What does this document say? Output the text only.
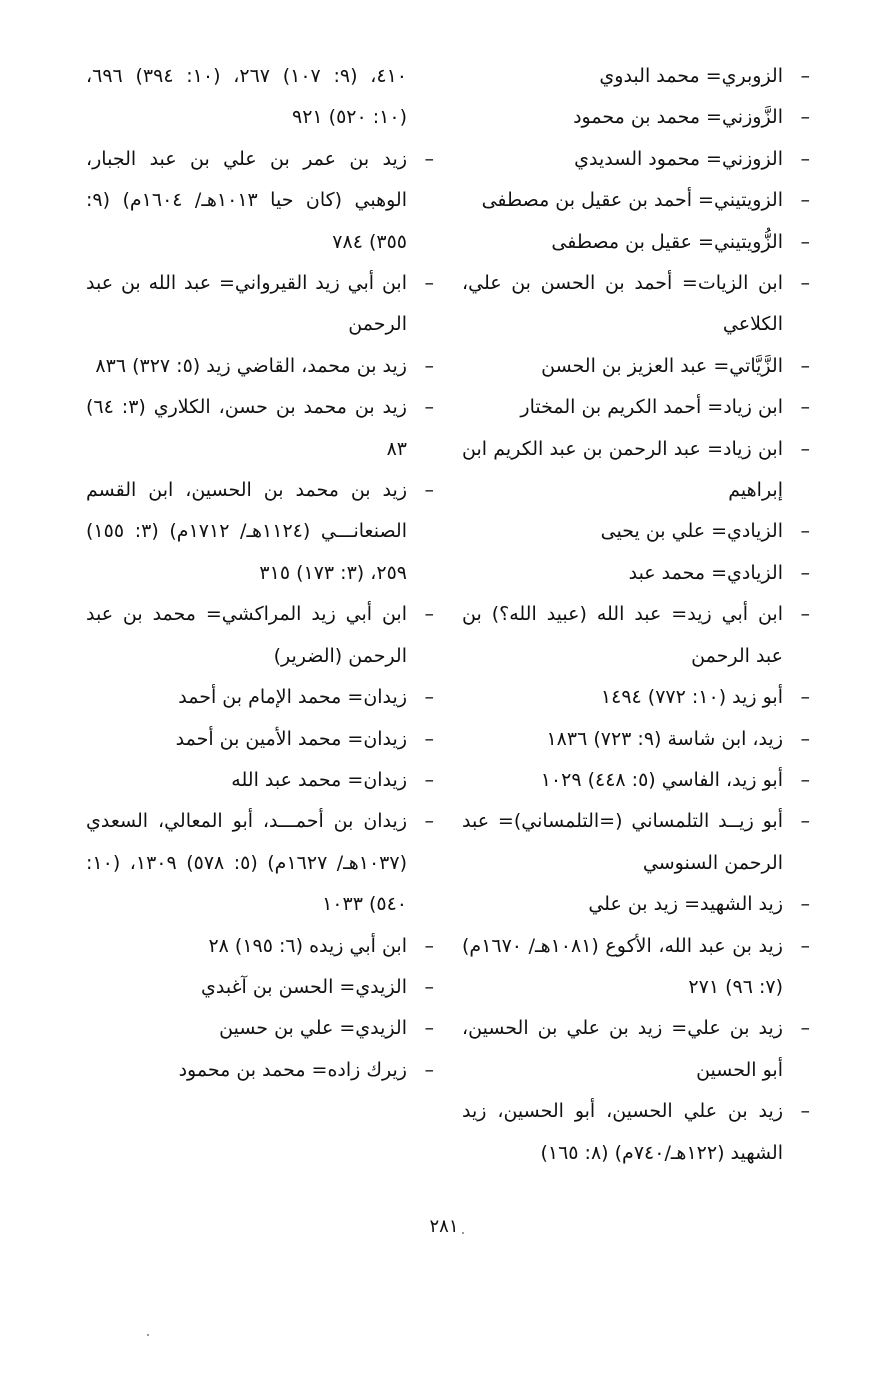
–الزوبري= محمد البدوي

–الزَّوزني= محمد بن محمود

–الزوزني= محمود السديدي

–الزويتيني= أحمد بن عقيل بن مصطفى

–الزُّويتيني= عقيل بن مصطفى

–ابن الزيات= أحمد بن الحسن بن علي، الكلاعي

–الزَّيَّاتي= عبد العزيز بن الحسن

–ابن زياد= أحمد الكريم بن المختار

–ابن زياد= عبد الرحمن بن عبد الكريم ابن إبراهيم

–الزيادي= علي بن يحيى

–الزيادي= محمد عبد

–ابن أبي زيد= عبد الله (عبيد الله؟) بن عبد الرحمن

–أبو زيد (١٠: ٧٧٢) ١٤٩٤

–زيد، ابن شاسة (٩: ٧٢٣) ١٨٣٦

–أبو زيد، الفاسي (٥: ٤٤٨) ١٠٢٩

–أبو زيــد التلمساني (=التلمساني)= عبد الرحمن السنوسي

–زيد الشهيد= زيد بن علي

–زيد بن عبد الله، الأكوع (١٠٨١هـ/ ١٦٧٠م) (٧: ٩٦) ٢٧١

–زيد بن علي= زيد بن علي بن الحسين، أبو الحسين

–زيد بن علي الحسين، أبو الحسين، زيد الشهيد (١٢٢هـ/٧٤٠م) (٨: ١٦٥)

٤١٠، (٩: ١٠٧) ٢٦٧، (١٠: ٣٩٤) ٦٩٦، (١٠: ٥٢٠) ٩٢١

–زيد بن عمر بن علي بن عبد الجبار، الوهبي (كان حيا ١٠١٣هـ/ ١٦٠٤م) (٩: ٣٥٥) ٧٨٤

–ابن أبي زيد القيرواني= عبد الله بن عبد الرحمن

–زيد بن محمد، القاضي زيد (٥: ٣٢٧) ٨٣٦

–زيد بن محمد بن حسن، الكلاري (٣: ٦٤) ٨٣

–زيد بن محمد بن الحسين، ابن القسم الصنعانـــي (١١٢٤هـ/ ١٧١٢م) (٣: ١٥٥) ٢٥٩، (٣: ١٧٣) ٣١٥

–ابن أبي زيد المراكشي= محمد بن عبد الرحمن (الضرير)

–زيدان= محمد الإمام بن أحمد

–زيدان= محمد الأمين بن أحمد

–زيدان= محمد عبد الله

–زيدان بن أحمـــد، أبو المعالي، السعدي (١٠٣٧هـ/ ١٦٢٧م) (٥: ٥٧٨) ١٣٠٩، (١٠: ٥٤٠) ١٠٣٣

–ابن أبي زيده (٦: ١٩٥) ٢٨

–الزيدي= الحسن بن آغبدي

–الزيدي= علي بن حسين

–زيرك زاده= محمد بن محمود

٢٨١
